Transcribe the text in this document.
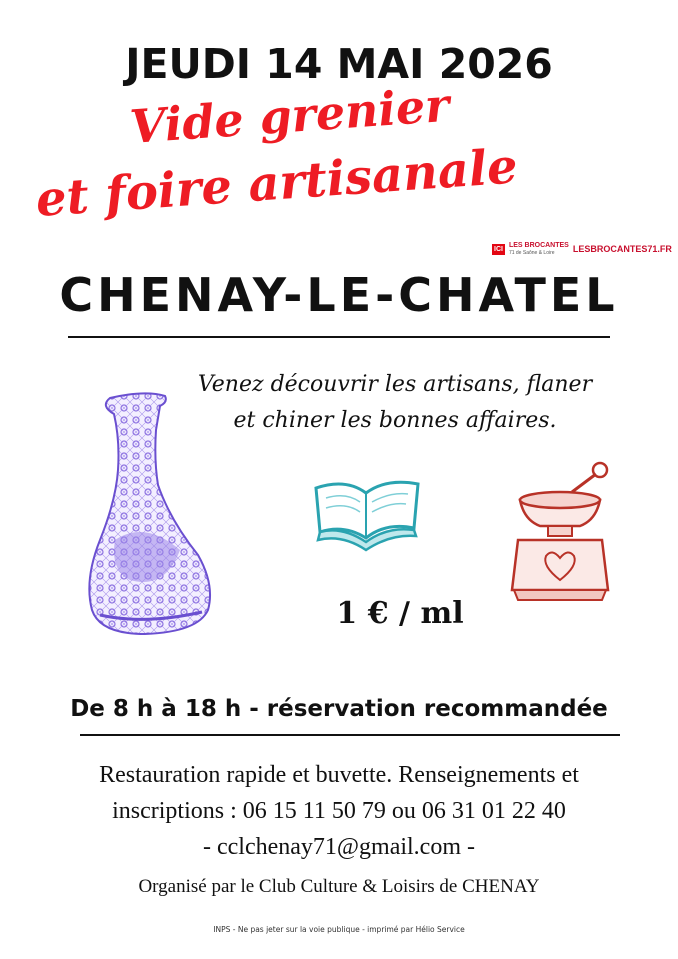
JEUDI 14 MAI 2026
Vide grenier
et foire artisanale
ICI
LES BROCANTES
71 de Saône & Loire	LESBROCANTES71.FR
CHENAY-LE-CHATEL
Venez découvrir les artisans, flaner
et chiner les bonnes affaires.
1 € / ml
De 8 h à 18 h - réservation recommandée
Restauration rapide et buvette. Renseignements et
inscriptions : 06 15 11 50 79 ou 06 31 01 22 40
- cclchenay71@gmail.com -
Organisé par le Club Culture & Loisirs de CHENAY
INPS - Ne pas jeter sur la voie publique - imprimé par Hélio Service
